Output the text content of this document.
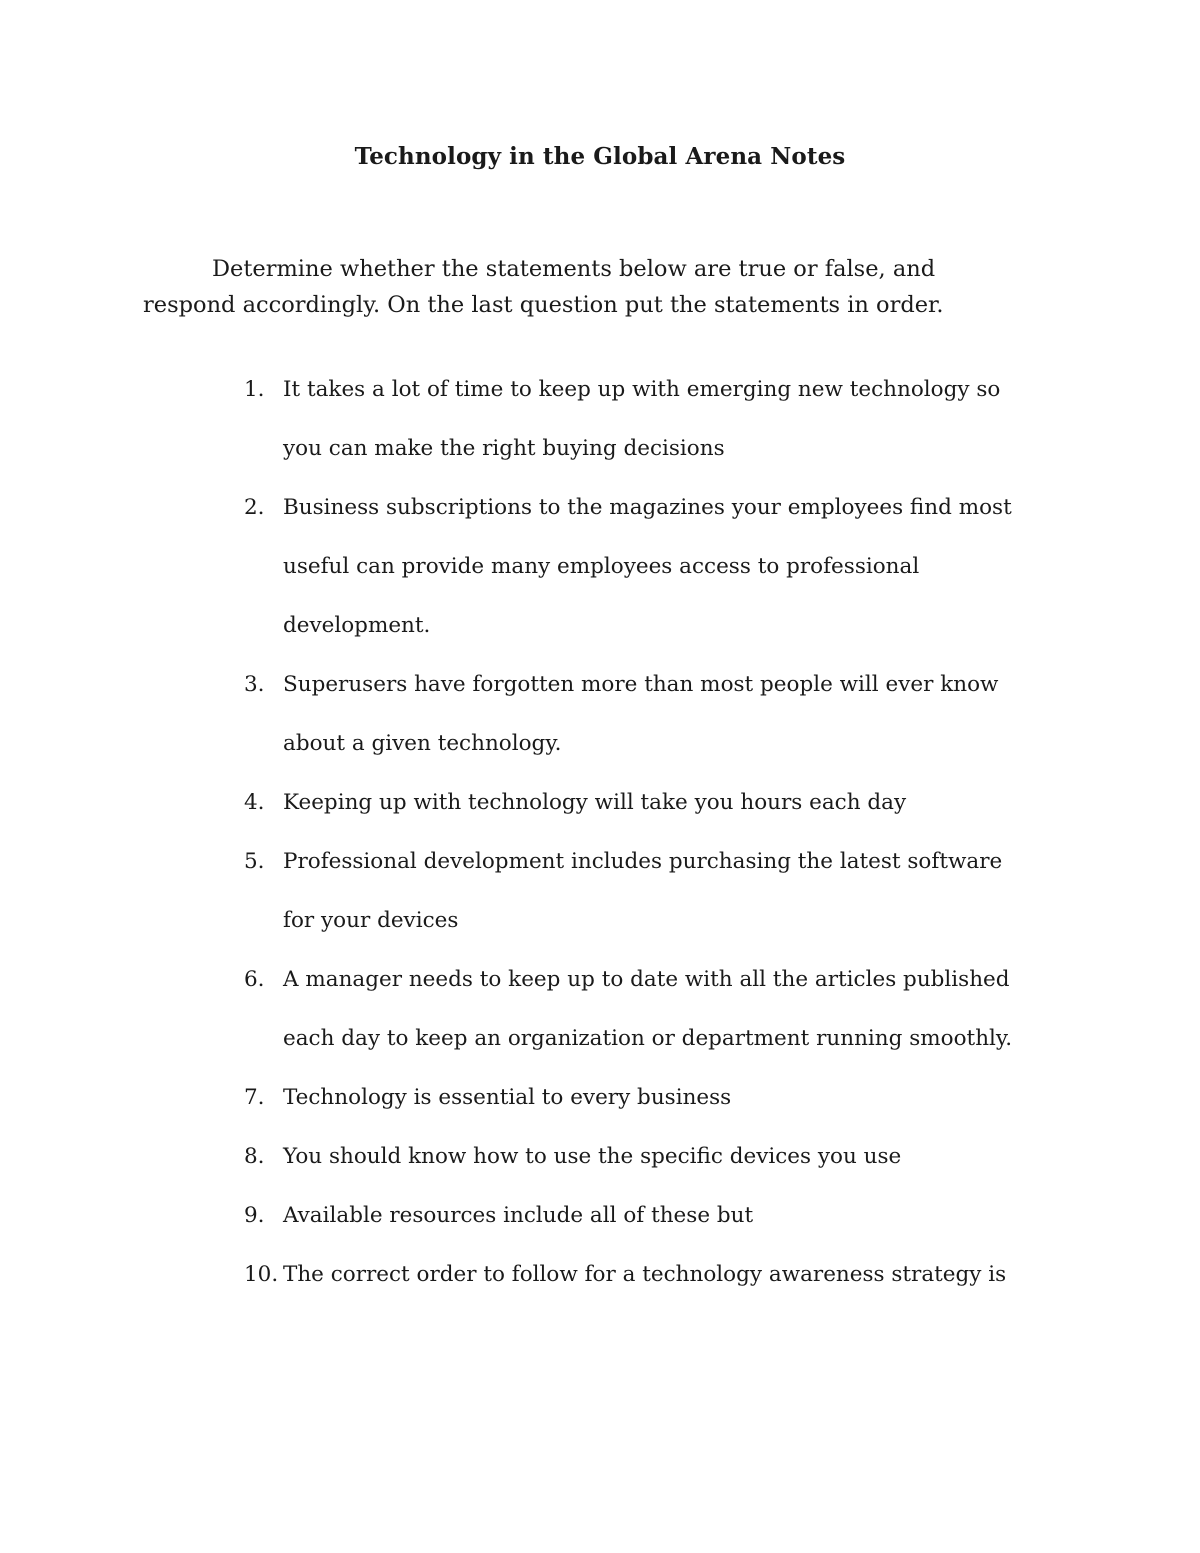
Technology in the Global Arena Notes
Determine whether the statements below are true or false, and
respond accordingly. On the last question put the statements in order.
1. It takes a lot of time to keep up with emerging new technology so
you can make the right buying decisions
2. Business subscriptions to the magazines your employees find most
useful can provide many employees access to professional
development.
3. Superusers have forgotten more than most people will ever know
about a given technology.
4. Keeping up with technology will take you hours each day
5. Professional development includes purchasing the latest software
for your devices
6. A manager needs to keep up to date with all the articles published
each day to keep an organization or department running smoothly.
7. Technology is essential to every business
8. You should know how to use the specific devices you use
9. Available resources include all of these but
10. The correct order to follow for a technology awareness strategy is
